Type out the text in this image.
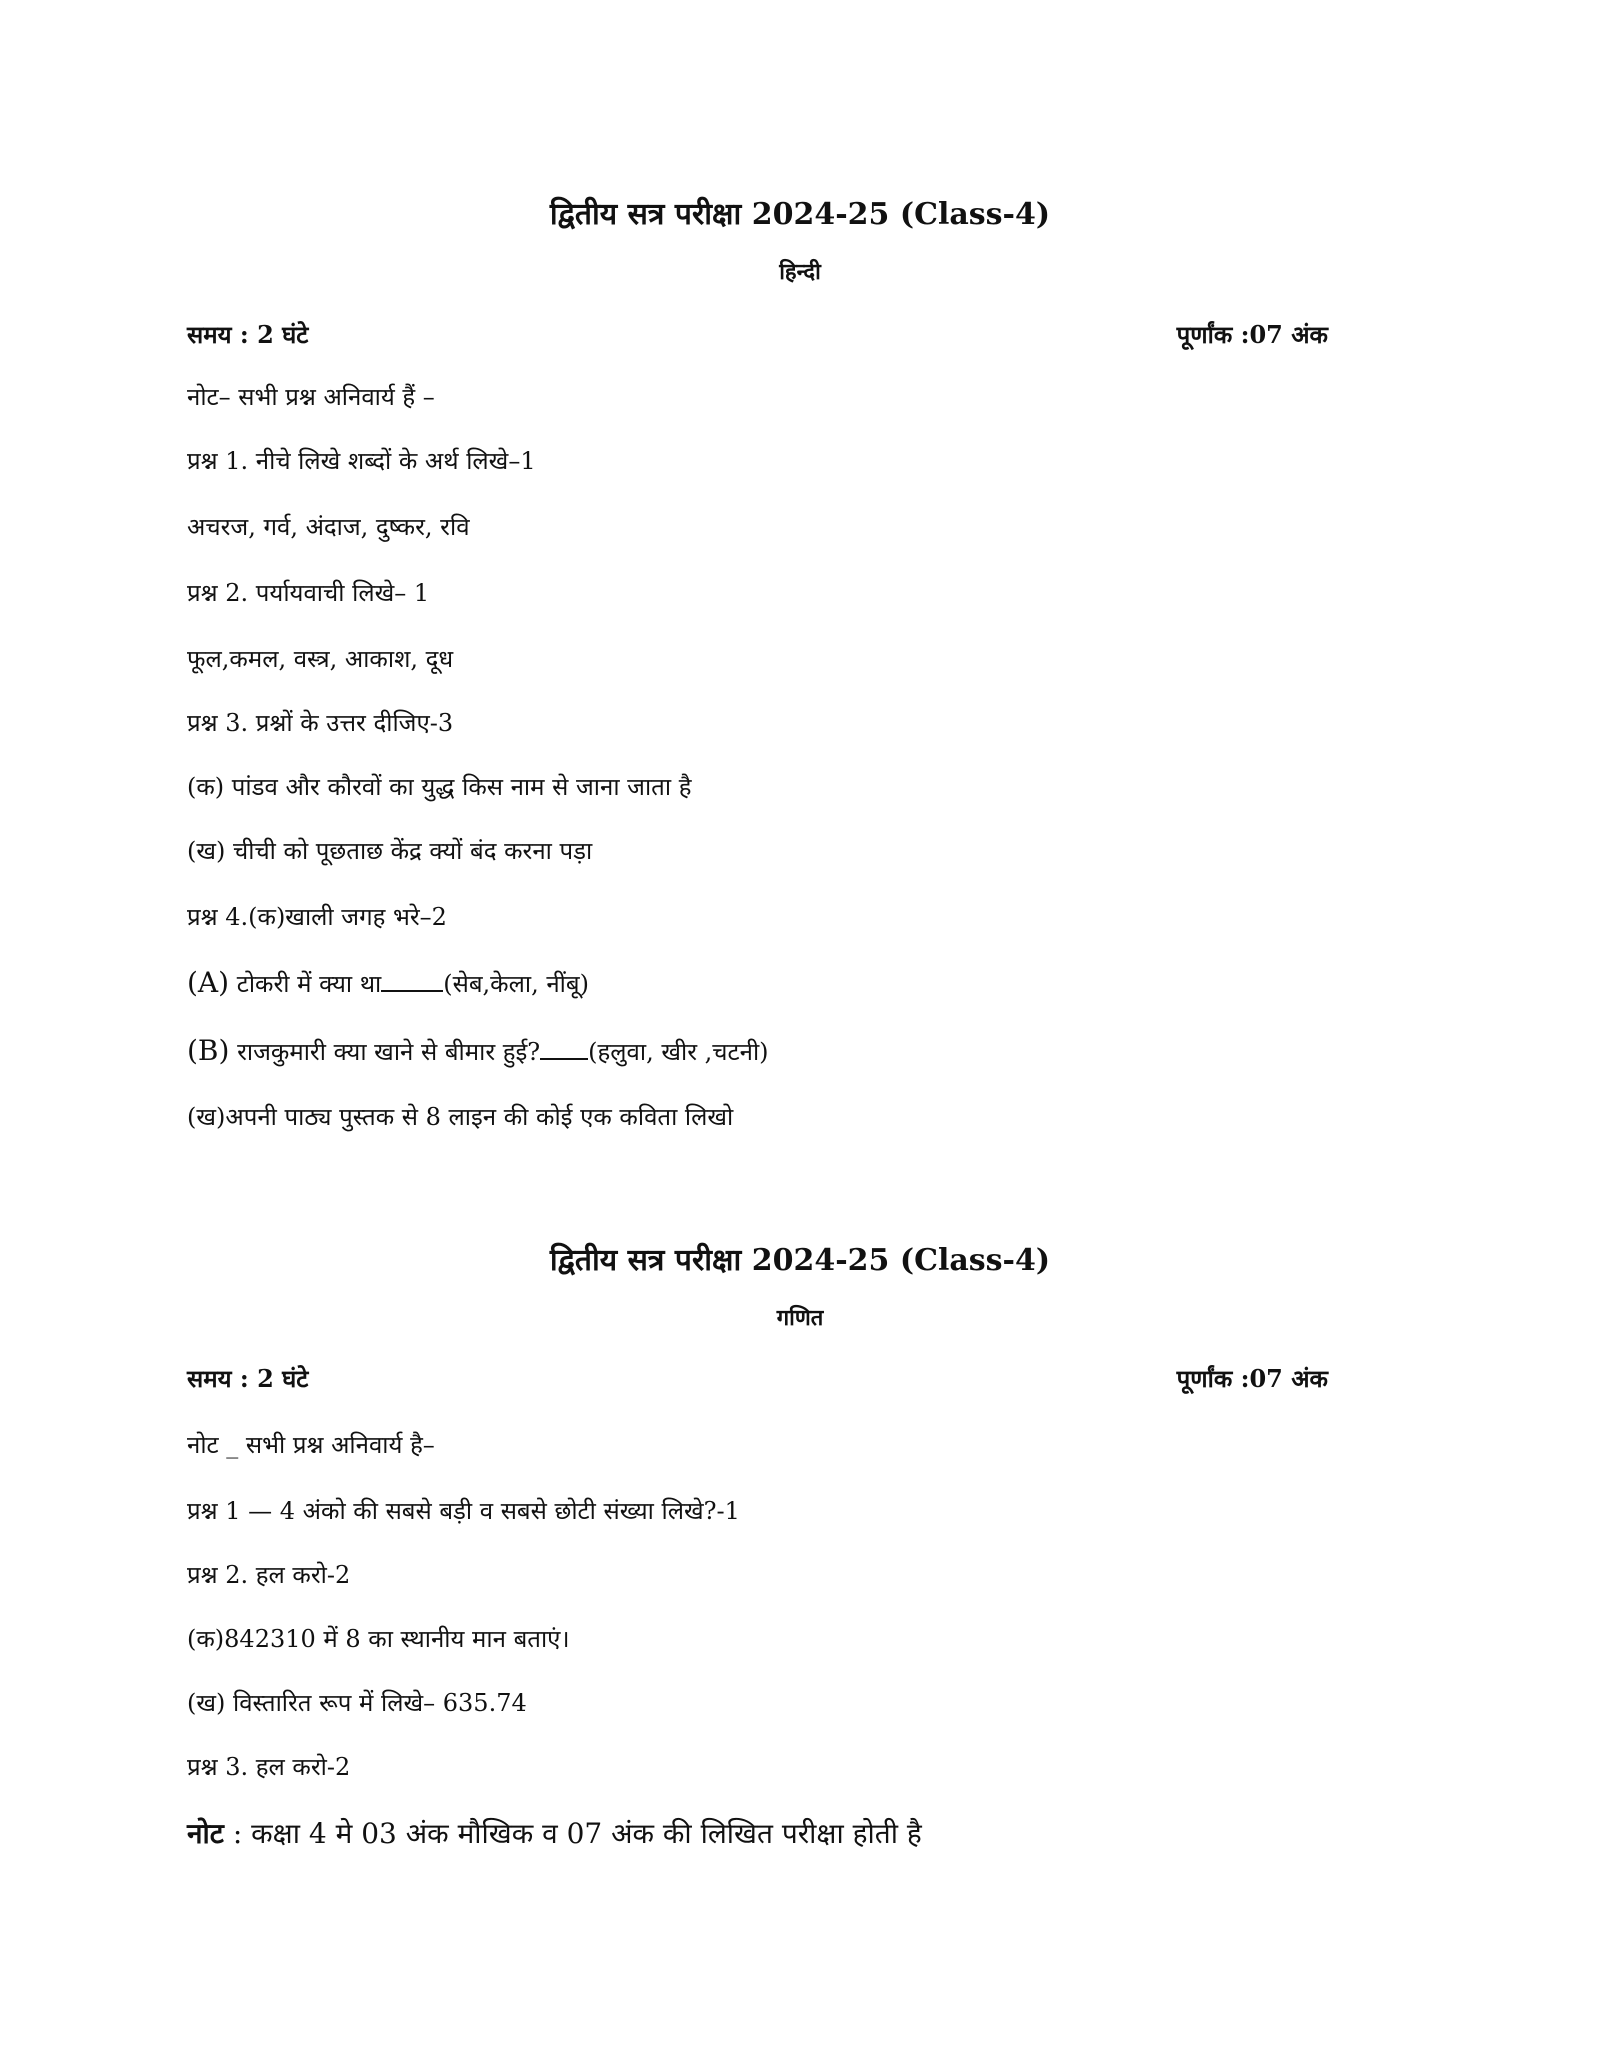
द्वितीय सत्र परीक्षा 2024-25 (Class-4)
हिन्दी
समय : 2 घंटे	पूर्णांक :07 अंक
नोट– सभी प्रश्न अनिवार्य हैं –
प्रश्न 1. नीचे लिखे शब्दों के अर्थ लिखे–1
अचरज, गर्व, अंदाज, दुष्कर, रवि
प्रश्न 2. पर्यायवाची लिखे– 1
फूल,कमल, वस्त्र, आकाश, दूध
प्रश्न 3. प्रश्नों के उत्तर दीजिए-3
(क) पांडव और कौरवों का युद्ध किस नाम से जाना जाता है
(ख) चीची को पूछताछ केंद्र क्यों बंद करना पड़ा
प्रश्न 4.(क)खाली जगह भरे–2
(A) टोकरी में क्या था	(सेब,केला, नींबू)
(B) राजकुमारी क्या खाने से बीमार हुई? (हलुवा, खीर ,चटनी)
(ख)अपनी पाठ्य पुस्तक से 8 लाइन की कोई एक कविता लिखो
द्वितीय सत्र परीक्षा 2024-25 (Class-4)
गणित
समय : 2 घंटे	पूर्णांक :07 अंक
नोट _ सभी प्रश्न अनिवार्य है–
प्रश्न 1 — 4 अंको की सबसे बड़ी व सबसे छोटी संख्या लिखे?-1
प्रश्न 2. हल करो-2
(क)842310 में 8 का स्थानीय मान बताएं।
(ख) विस्तारित रूप में लिखे– 635.74
प्रश्न 3. हल करो-2
नोट : कक्षा 4 मे 03 अंक मौखिक व 07 अंक की लिखित परीक्षा होती है
